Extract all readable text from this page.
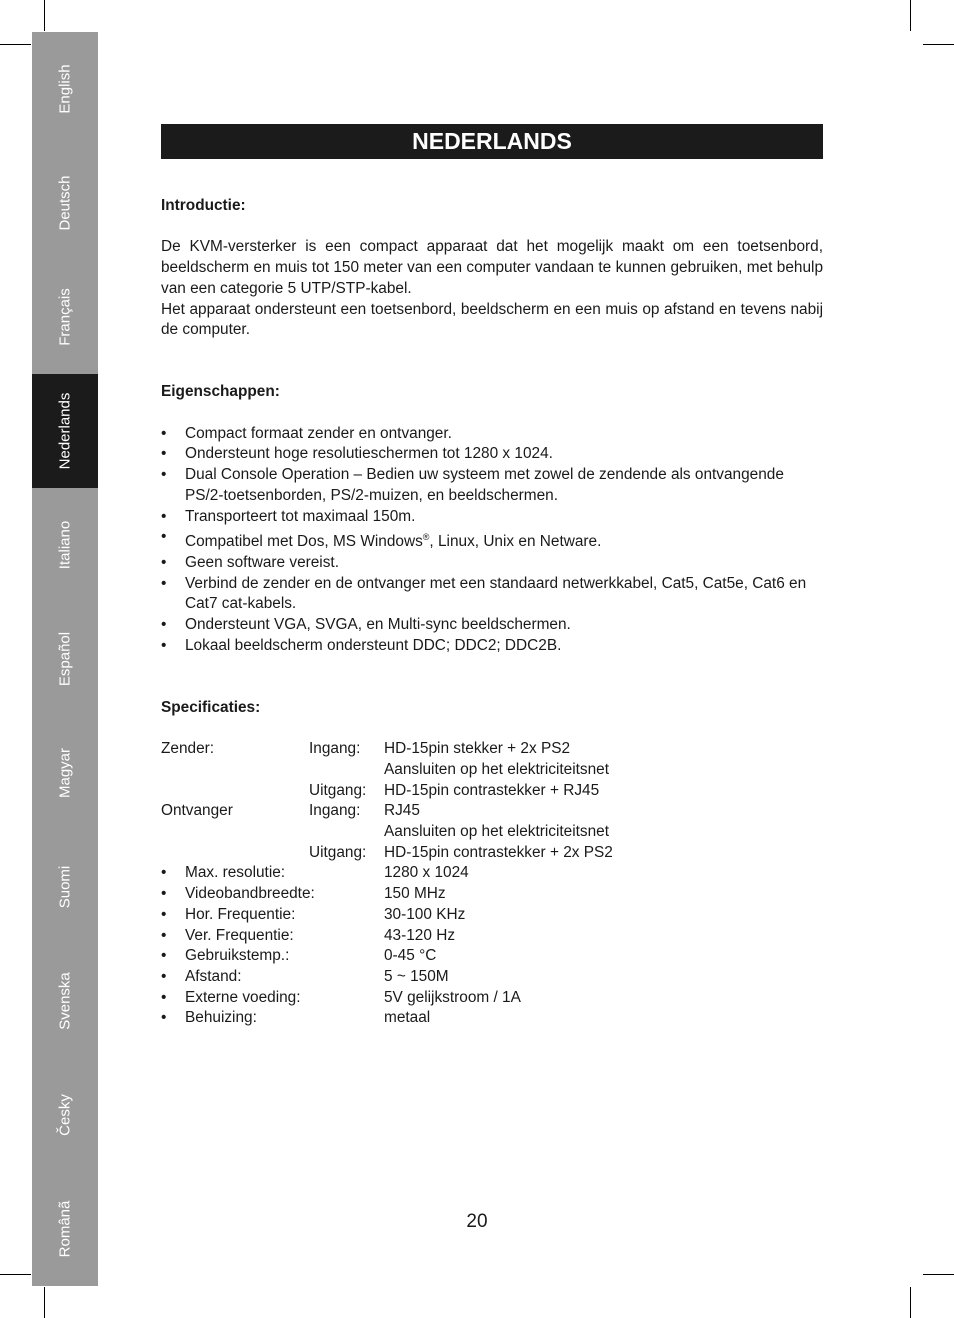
English
Deutsch
Français
Nederlands
Italiano
Español
Magyar
Suomi
Svenska
Česky
Românã
NEDERLANDS

Introductie:

De KVM-versterker is een compact apparaat dat het mogelijk maakt om een toetsenbord, beeldscherm en muis tot 150 meter van een computer vandaan te kunnen gebruiken, met behulp van een categorie 5 UTP/STP-kabel.

Het apparaat ondersteunt een toetsenbord, beeldscherm en een muis op afstand en tevens nabij de computer.

Eigenschappen:

• Compact formaat zender en ontvanger.
• Ondersteunt hoge resolutieschermen tot 1280 x 1024.
• Dual Console Operation – Bedien uw systeem met zowel de zendende als ontvangende PS/2-toetsenborden, PS/2-muizen, en beeldschermen.
• Transporteert tot maximaal 150m.
• Compatibel met Dos, MS Windows®, Linux, Unix en Netware.
• Geen software vereist.
• Verbind de zender en de ontvanger met een standaard netwerkkabel, Cat5, Cat5e, Cat6 en Cat7 cat-kabels.
• Ondersteunt VGA, SVGA, en Multi-sync beeldschermen.
• Lokaal beeldscherm ondersteunt DDC; DDC2; DDC2B.

Specificaties:

Zender:	Ingang: HD-15pin stekker + 2x PS2
Aansluiten op het elektriciteitsnet
Uitgang: HD-15pin contrastekker + RJ45
Ontvanger	Ingang: RJ45
Aansluiten op het elektriciteitsnet
Uitgang: HD-15pin contrastekker + 2x PS2
• Max. resolutie:	1280 x 1024
• Videobandbreedte:	150 MHz
• Hor. Frequentie:	30-100 KHz
• Ver. Frequentie:	43-120 Hz
• Gebruikstemp.:	0-45 °C
• Afstand:	5 ~ 150M
• Externe voeding:	5V gelijkstroom / 1A
• Behuizing:	metaal
20
